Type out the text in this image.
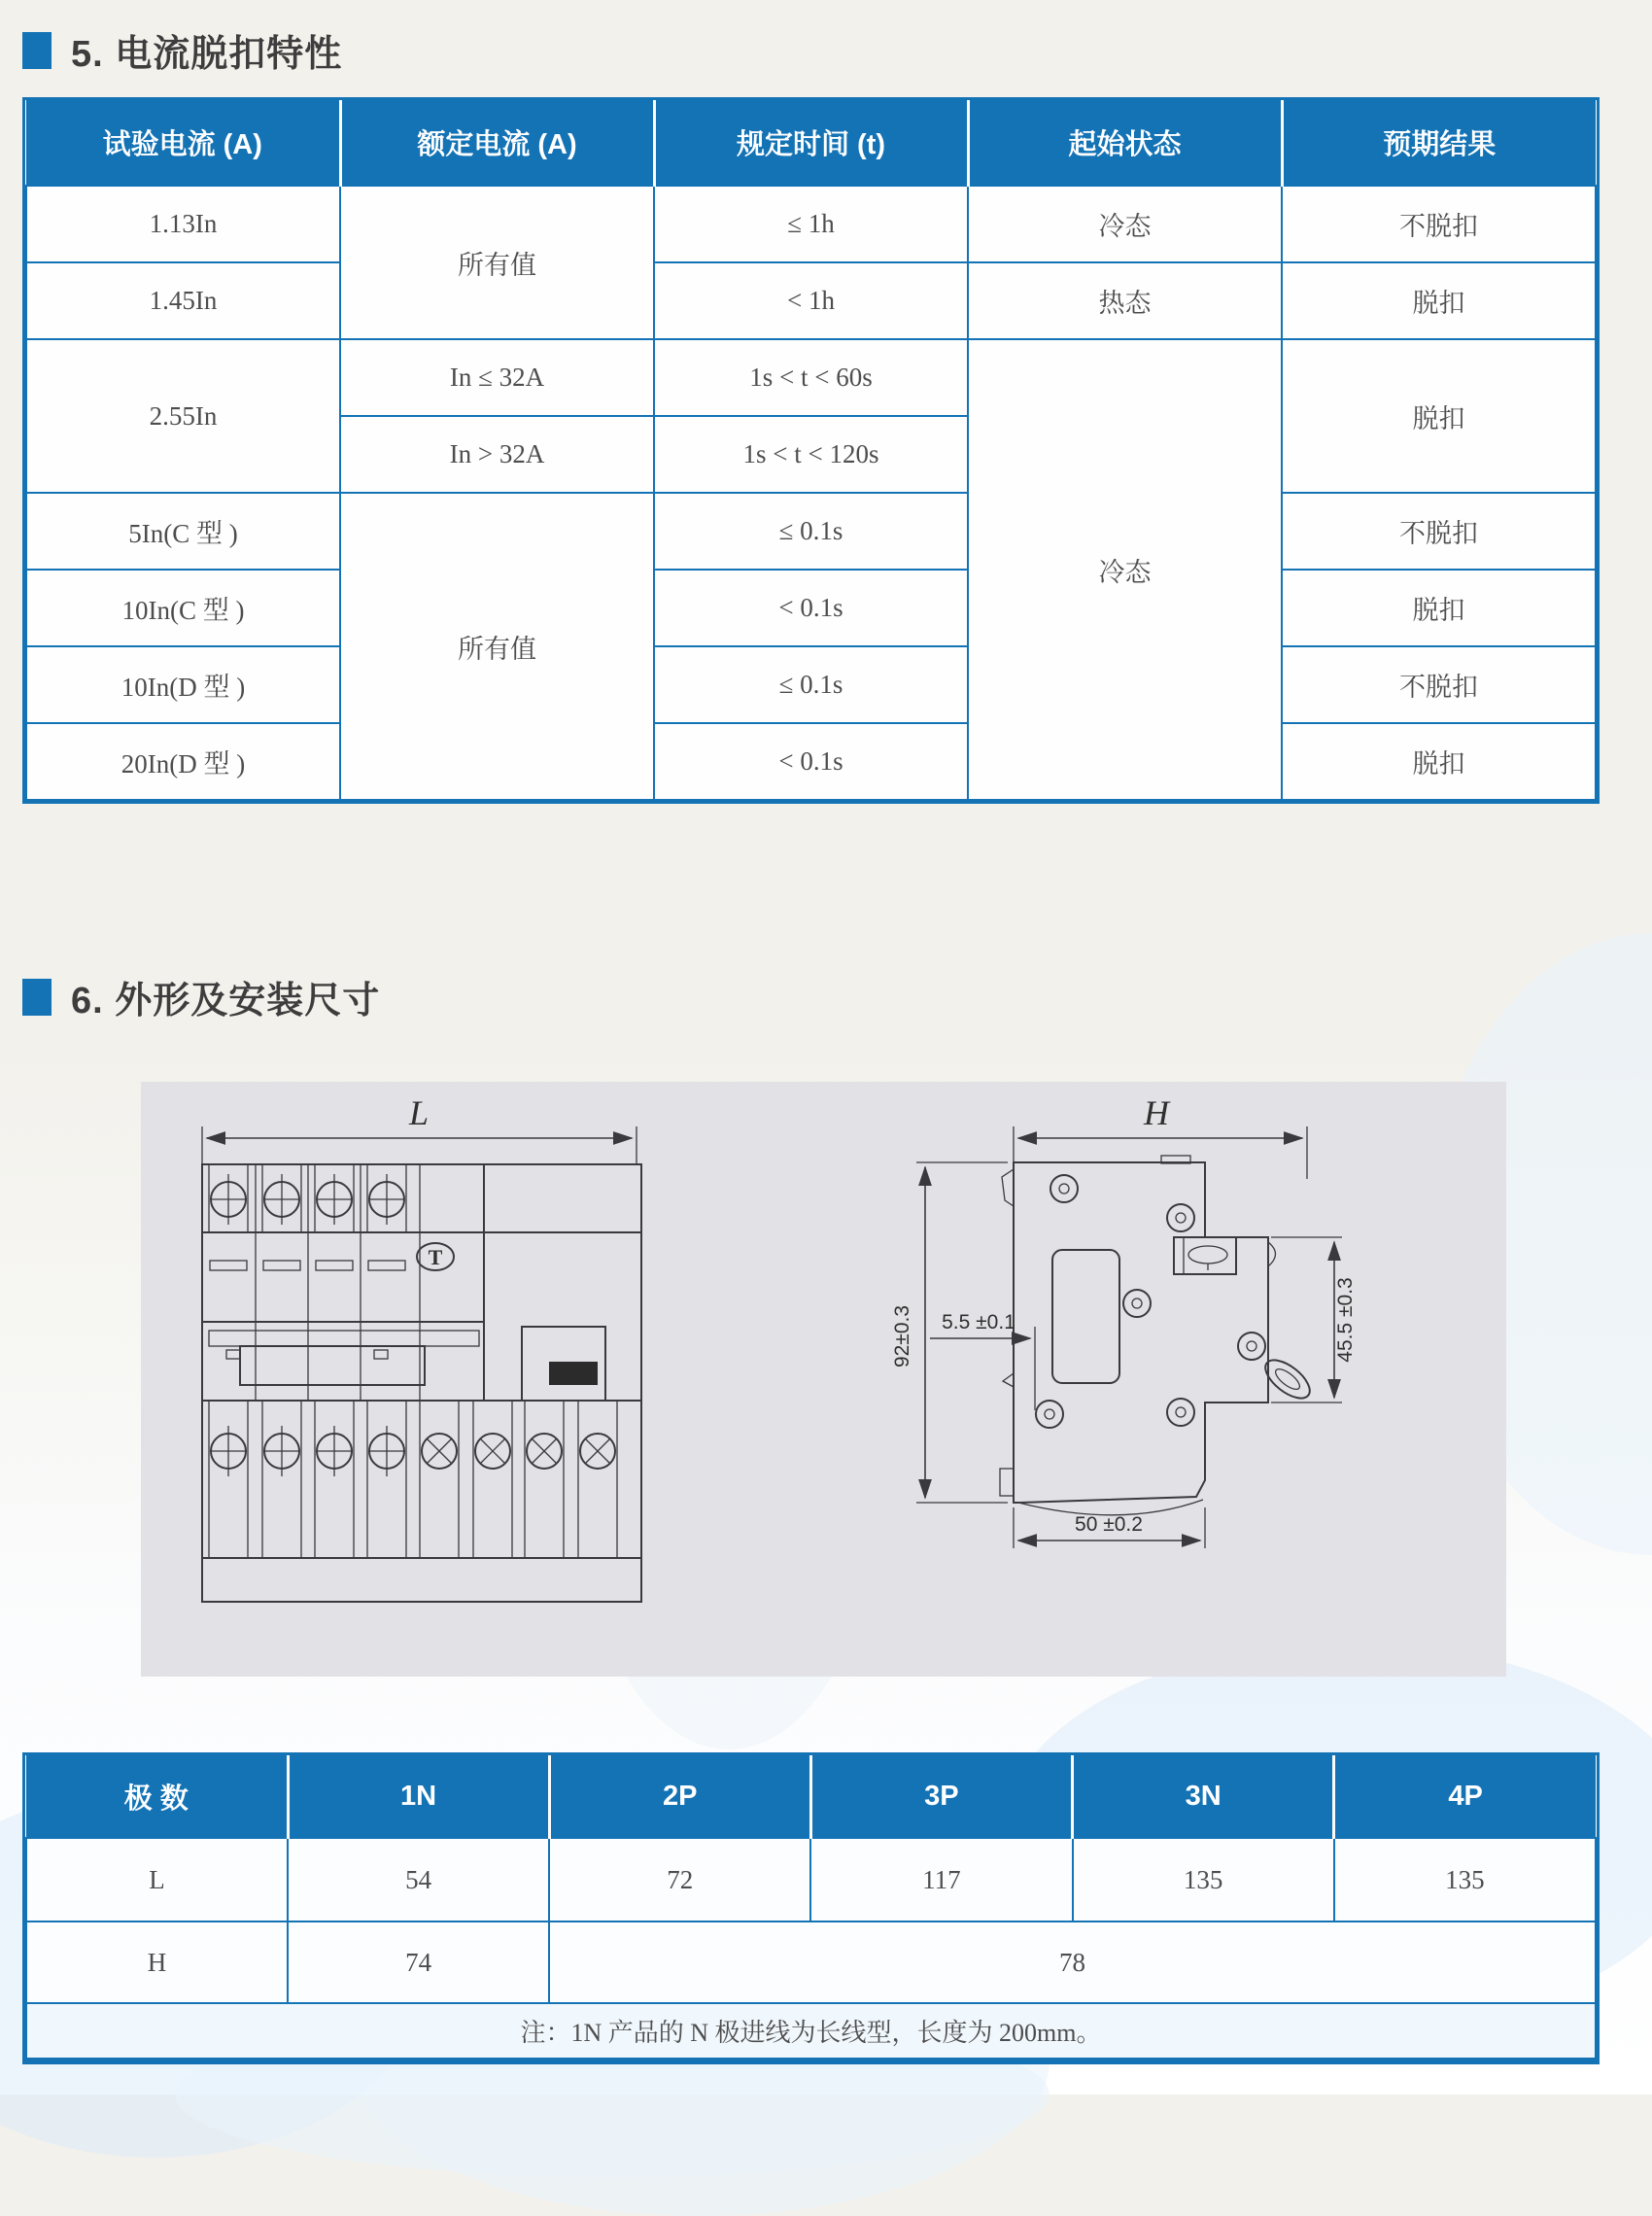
5. 电流脱扣特性
试验电流 (A)	额定电流 (A)	规定时间 (t)	起始状态	预期结果
1.13In	所有值	≤ 1h	冷态	不脱扣
1.45In		< 1h	热态	脱扣
2.55In	In ≤ 32A	1s < t < 60s	冷态	脱扣
	In > 32A	1s < t < 120s		
5In(C 型 )	所有值	≤ 0.1s		不脱扣
10In(C 型 )		< 0.1s		脱扣
10In(D 型 )		≤ 0.1s		不脱扣
20In(D 型 )		< 0.1s		脱扣
6. 外形及安装尺寸
L
T
H
92±0.3 5.5 ±0.1	45.5 ±0.3
50 ±0.2
极 数	1N	2P	3P	3N	4P
L	54	72	117	135	135
H	74	78			
注：1N 产品的 N 极进线为长线型，长度为 200mm。					
